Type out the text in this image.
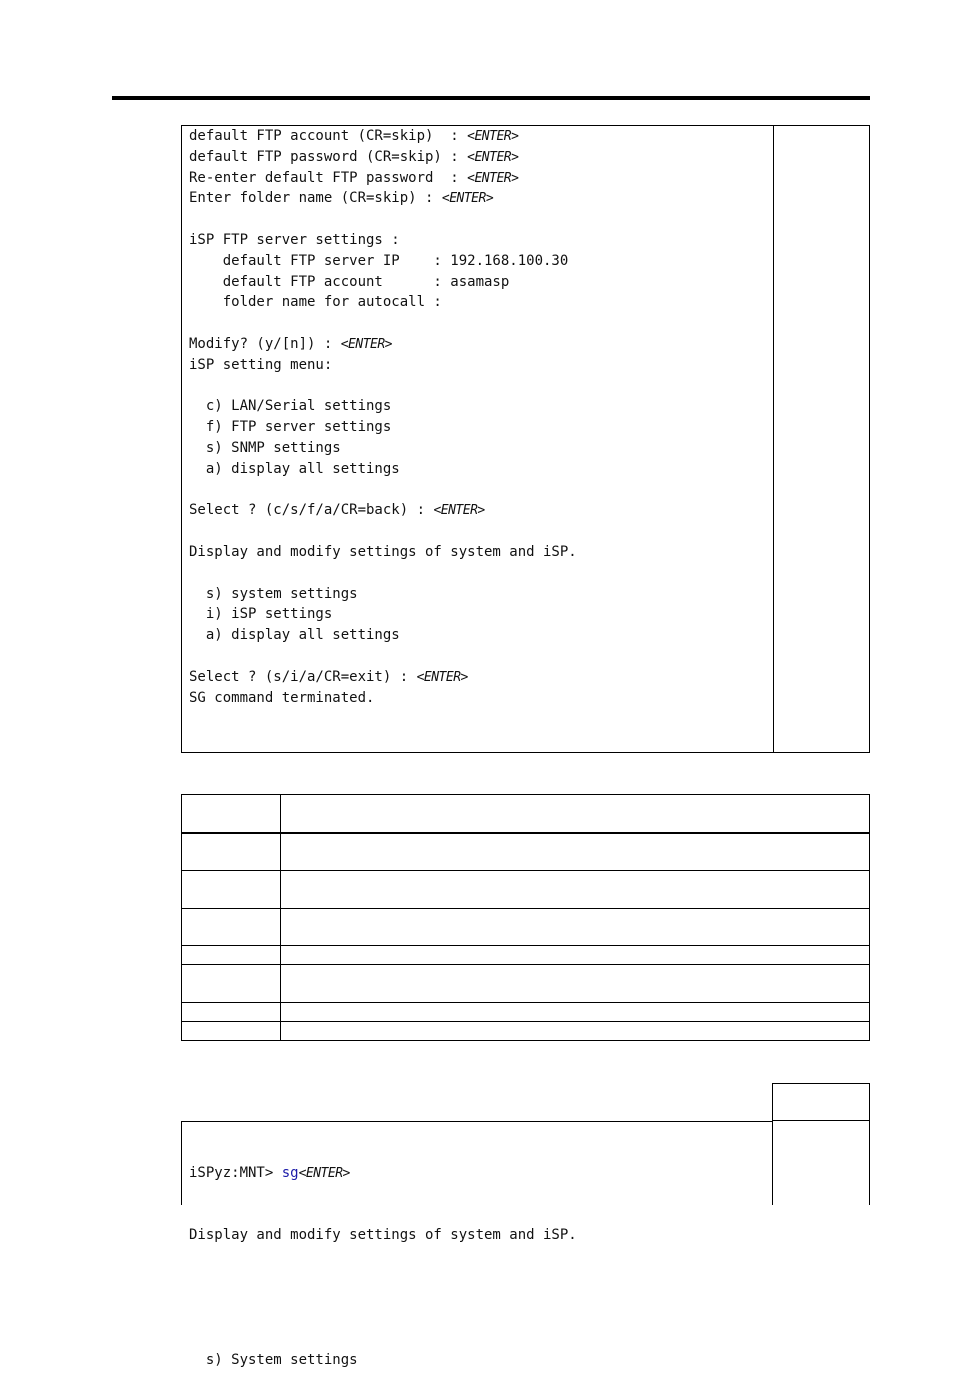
default FTP account (CR=skip)  : <ENTER>
default FTP password (CR=skip) : <ENTER>
Re-enter default FTP password  : <ENTER>
Enter folder name (CR=skip) : <ENTER>
iSP FTP server settings :
default FTP server IP    : 192.168.100.30
default FTP account      : asamasp
folder name for autocall :
Modify? (y/[n]) : <ENTER>
iSP setting menu:
c) LAN/Serial settings
f) FTP server settings
s) SNMP settings
a) display all settings
Select ? (c/s/f/a/CR=back) : <ENTER>
Display and modify settings of system and iSP.
s) system settings
i) iSP settings
a) display all settings
Select ? (s/i/a/CR=exit) : <ENTER>
SG command terminated.

iSPyz:MNT> sg<ENTER>

Display and modify settings of system and iSP.

s) System settings
